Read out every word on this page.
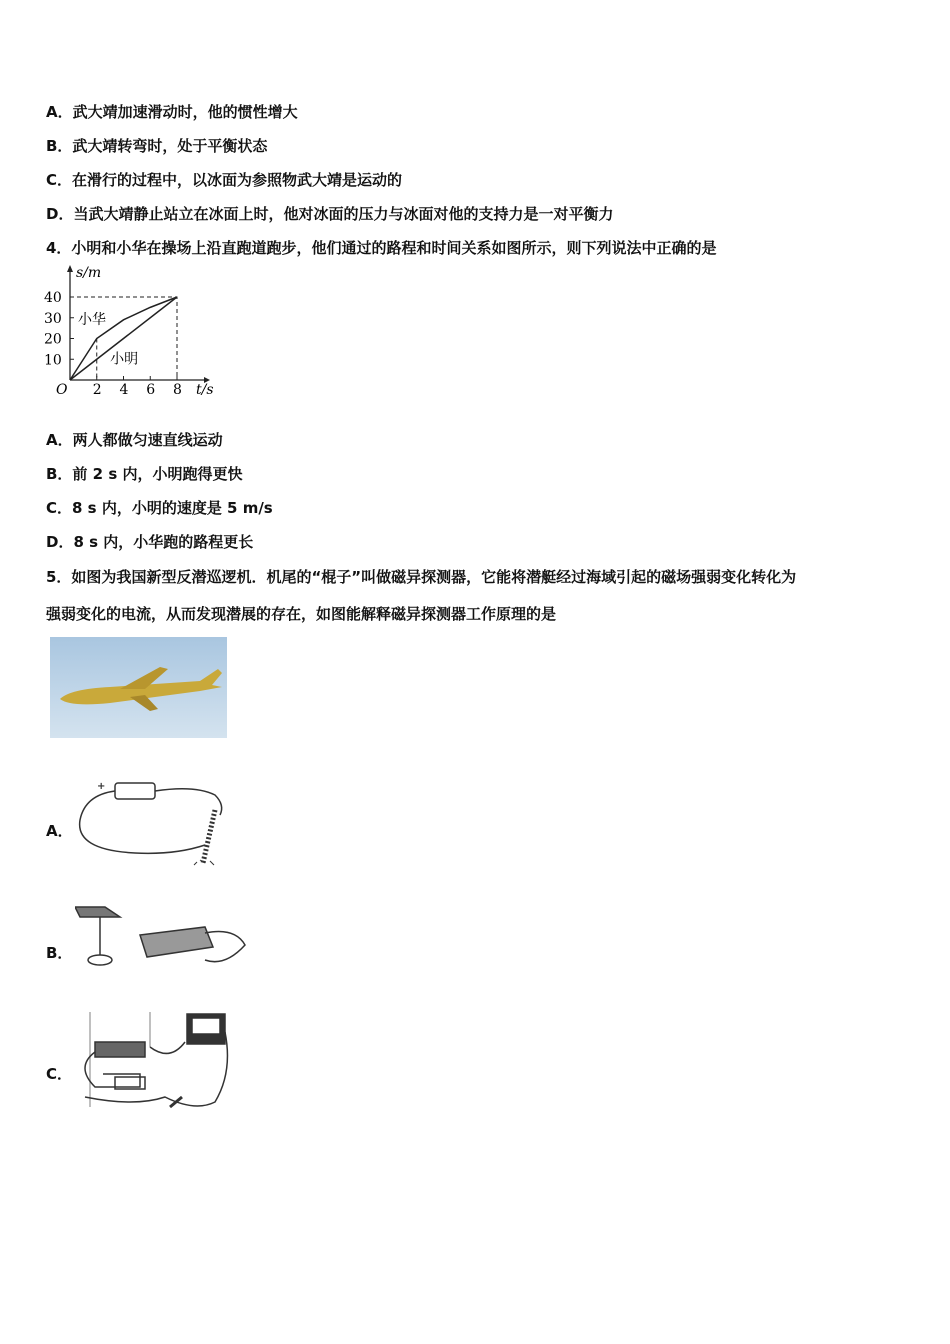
A．武大靖加速滑动时，他的惯性增大
B．武大靖转弯时，处于平衡状态
C．在滑行的过程中，以冰面为参照物武大靖是运动的
D．当武大靖静止站立在冰面上时，他对冰面的压力与冰面对他的支持力是一对平衡力
4．小明和小华在操场上沿直跑道跑步，他们通过的路程和时间关系如图所示，则下列说法中正确的是
s/m
t/s
O 2 4 6 8
10
20
30
40
小华
小明
A．两人都做匀速直线运动
B．前 2 s 内，小明跑得更快
C．8 s 内，小明的速度是 5 m/s
D．8 s 内，小华跑的路程更长
5．如图为我国新型反潜巡逻机．机尾的“棍子”叫做磁异探测器，它能将潜艇经过海域引起的磁场强弱变化转化为
强弱变化的电流，从而发现潜展的存在，如图能解释磁异探测器工作原理的是
A．
+
B．
C．
